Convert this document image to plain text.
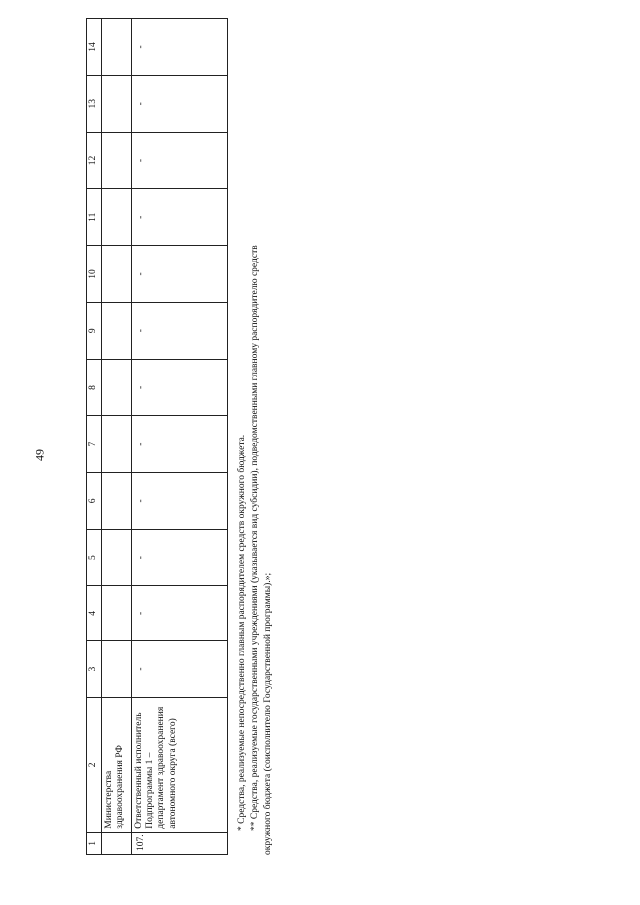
49
1	2	3	4	5	6	7	8	9	10	11	12	13	14
	Министерства здравоохранения РФ												
107.	Ответственный исполнитель Подпрограммы 1 – департамент здравоохранения автономного округа (всего)	-	-	-	-	-	-	-	-	-	-	-	-

* Средства, реализуемые непосредственно главным распорядителем средств окружного бюджета. ** Средства, реализуемые государственными учреждениями (указывается вид субсидии), подведомственными главному распорядителю средств окружного бюджета (соисполнителю Государственной программы).»;
